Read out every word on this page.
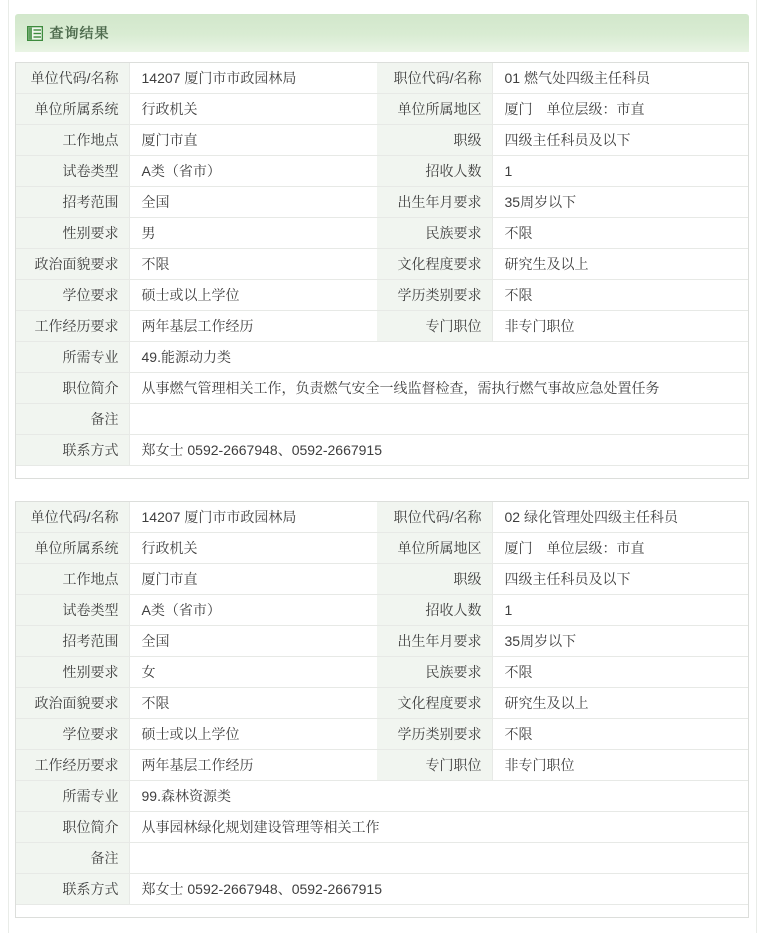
查询结果
单位代码/名称	14207 厦门市市政园林局	职位代码/名称	01 燃气处四级主任科员
单位所属系统	行政机关	单位所属地区	厦门　单位层级：市直
工作地点	厦门市直	职级	四级主任科员及以下
试卷类型	A类（省市）	招收人数	1
招考范围	全国	出生年月要求	35周岁以下
性别要求	男	民族要求	不限
政治面貌要求	不限	文化程度要求	研究生及以上
学位要求	硕士或以上学位	学历类别要求	不限
工作经历要求	两年基层工作经历	专门职位	非专门职位
所需专业	49.能源动力类
职位简介	从事燃气管理相关工作，负责燃气安全一线监督检查，需执行燃气事故应急处置任务
备注
联系方式	郑女士 0592-2667948、0592-2667915
单位代码/名称	14207 厦门市市政园林局	职位代码/名称	02 绿化管理处四级主任科员
单位所属系统	行政机关	单位所属地区	厦门　单位层级：市直
工作地点	厦门市直	职级	四级主任科员及以下
试卷类型	A类（省市）	招收人数	1
招考范围	全国	出生年月要求	35周岁以下
性别要求	女	民族要求	不限
政治面貌要求	不限	文化程度要求	研究生及以上
学位要求	硕士或以上学位	学历类别要求	不限
工作经历要求	两年基层工作经历	专门职位	非专门职位
所需专业	99.森林资源类
职位简介	从事园林绿化规划建设管理等相关工作
备注
联系方式	郑女士 0592-2667948、0592-2667915
